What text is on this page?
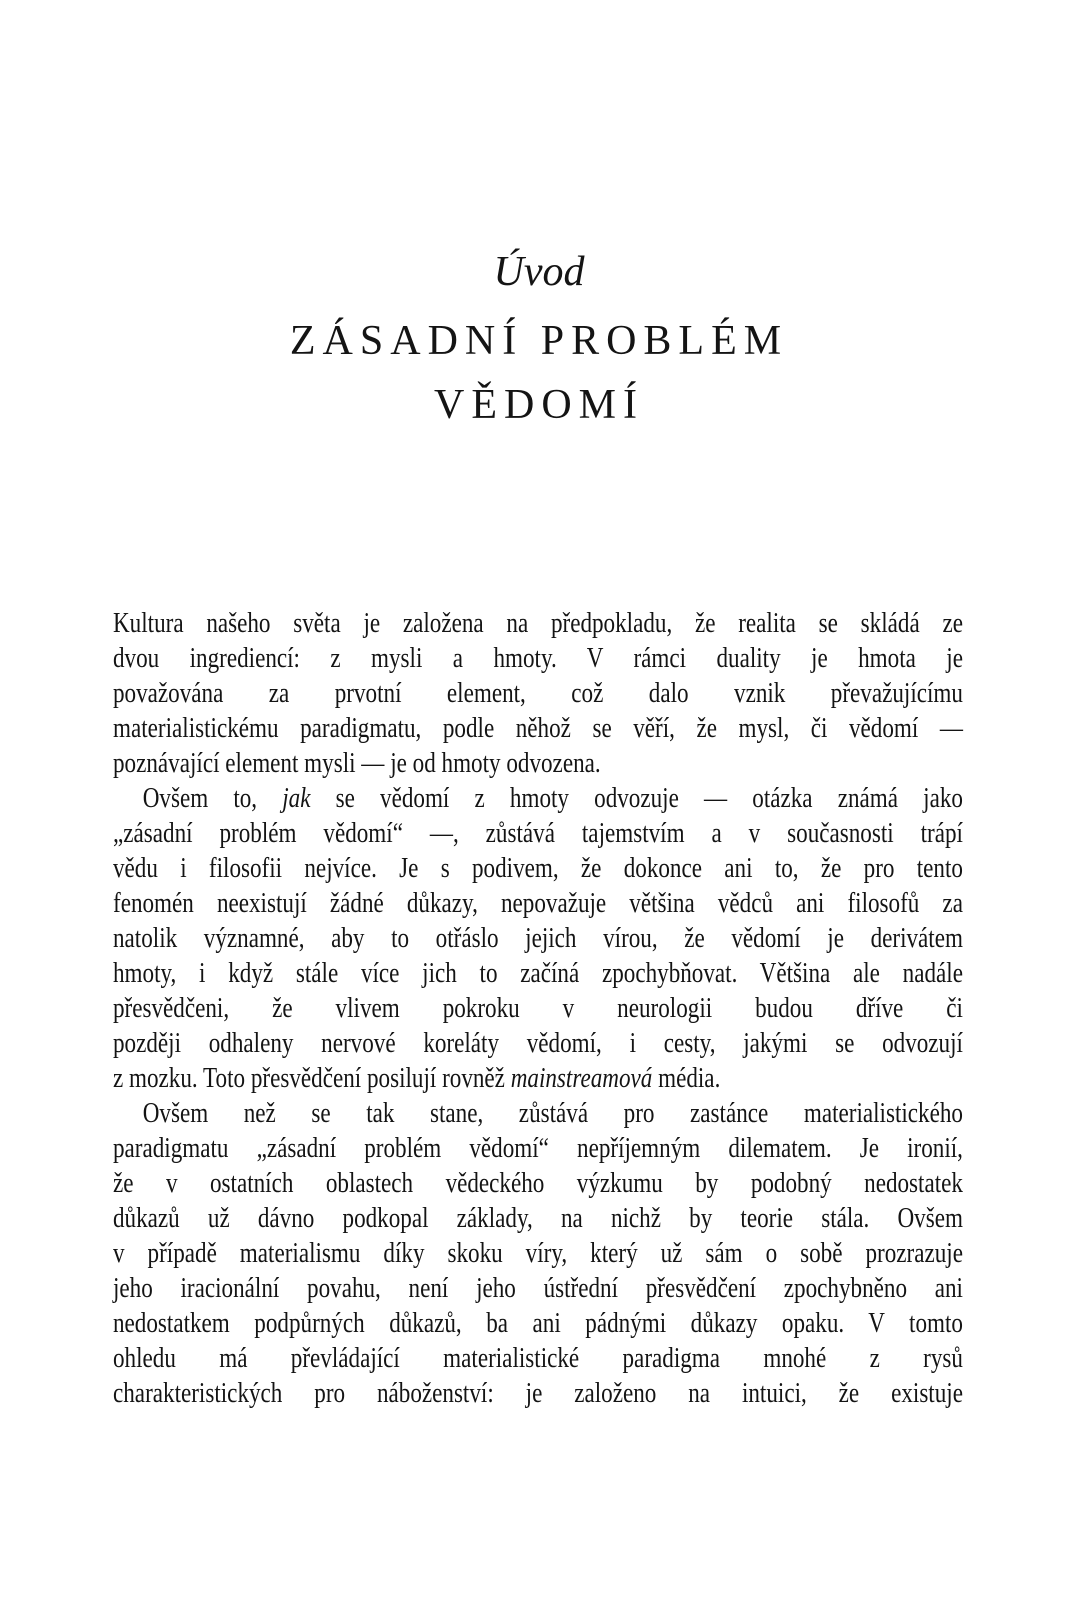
Úvod
ZÁSADNÍ PROBLÉM
VĚDOMÍ
Kultura našeho světa je založena na předpokladu, že realita se skládá ze
dvou ingrediencí: z mysli a hmoty. V rámci duality je hmota je
považována za prvotní element, což dalo vznik převažujícímu
materialistickému paradigmatu, podle něhož se věří, že mysl, či vědomí —
poznávající element mysli — je od hmoty odvozena.
Ovšem to, jak se vědomí z hmoty odvozuje — otázka známá jako
„zásadní problém vědomí“ —, zůstává tajemstvím a v současnosti trápí
vědu i filosofii nejvíce. Je s podivem, že dokonce ani to, že pro tento
fenomén neexistují žádné důkazy, nepovažuje většina vědců ani filosofů za
natolik významné, aby to otřáslo jejich vírou, že vědomí je derivátem
hmoty, i když stále více jich to začíná zpochybňovat. Většina ale nadále
přesvědčeni, že vlivem pokroku v neurologii budou dříve či
později odhaleny nervové koreláty vědomí, i cesty, jakými se odvozují
z mozku. Toto přesvědčení posilují rovněž mainstreamová média.
Ovšem než se tak stane, zůstává pro zastánce materialistického
paradigmatu „zásadní problém vědomí“ nepříjemným dilematem. Je ironií,
že v ostatních oblastech vědeckého výzkumu by podobný nedostatek
důkazů už dávno podkopal základy, na nichž by teorie stála. Ovšem
v případě materialismu díky skoku víry, který už sám o sobě prozrazuje
jeho iracionální povahu, není jeho ústřední přesvědčení zpochybněno ani
nedostatkem podpůrných důkazů, ba ani pádnými důkazy opaku. V tomto
ohledu má převládající materialistické paradigma mnohé z rysů
charakteristických pro náboženství: je založeno na intuici, že existuje
